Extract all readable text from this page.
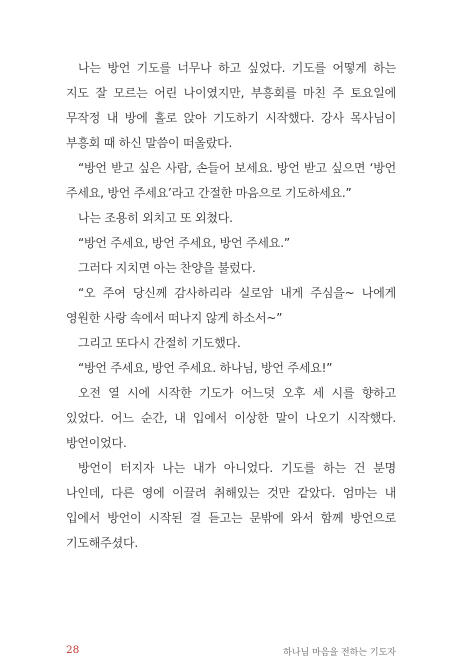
나는 방언 기도를 너무나 하고 싶었다. 기도를 어떻게 하는 지도 잘 모르는 어린 나이였지만, 부흥회를 마친 주 토요일에 무작정 내 방에 홀로 앉아 기도하기 시작했다. 강사 목사님이 부흥회 때 하신 말씀이 떠올랐다.

“방언 받고 싶은 사람, 손들어 보세요. 방언 받고 싶으면 ‘방언 주세요, 방언 주세요’라고 간절한 마음으로 기도하세요.”

나는 조용히 외치고 또 외쳤다.

“방언 주세요, 방언 주세요, 방언 주세요.”

그러다 지치면 아는 찬양을 불렀다.

“오 주여 당신께 감사하리라 실로암 내게 주심을~ 나에게 영원한 사랑 속에서 떠나지 않게 하소서~”

그리고 또다시 간절히 기도했다.

“방언 주세요, 방언 주세요. 하나님, 방언 주세요!”

오전 열 시에 시작한 기도가 어느덧 오후 세 시를 향하고 있었다. 어느 순간, 내 입에서 이상한 말이 나오기 시작했다. 방언이었다.

방언이 터지자 나는 내가 아니었다. 기도를 하는 건 분명 나인데, 다른 영에 이끌려 취해있는 것만 같았다. 엄마는 내 입에서 방언이 시작된 걸 듣고는 문밖에 와서 함께 방언으로 기도해주셨다.

28	하나님 마음을 전하는 기도자
